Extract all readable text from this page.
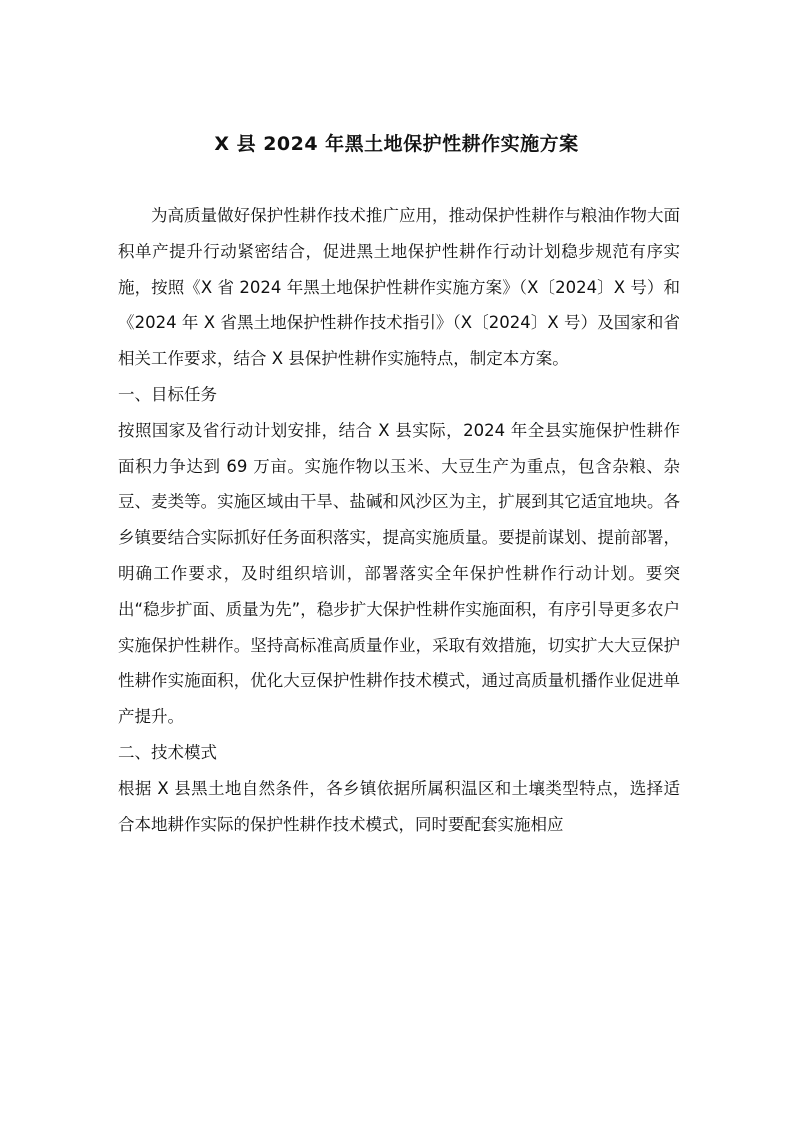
X 县 2024 年黑土地保护性耕作实施方案

为高质量做好保护性耕作技术推广应用，推动保护性耕作与粮油作物大面积单产提升行动紧密结合，促进黑土地保护性耕作行动计划稳步规范有序实施，按照《X 省 2024 年黑土地保护性耕作实施方案》（X〔2024〕X 号）和《2024 年 X 省黑土地保护性耕作技术指引》（X〔2024〕X 号）及国家和省相关工作要求，结合 X 县保护性耕作实施特点，制定本方案。

一、目标任务

按照国家及省行动计划安排，结合 X 县实际，2024 年全县实施保护性耕作面积力争达到 69 万亩。实施作物以玉米、大豆生产为重点，包含杂粮、杂豆、麦类等。实施区域由干旱、盐碱和风沙区为主，扩展到其它适宜地块。各乡镇要结合实际抓好任务面积落实，提高实施质量。要提前谋划、提前部署，明确工作要求，及时组织培训，部署落实全年保护性耕作行动计划。要突出“稳步扩面、质量为先”，稳步扩大保护性耕作实施面积，有序引导更多农户实施保护性耕作。坚持高标准高质量作业，采取有效措施，切实扩大大豆保护性耕作实施面积，优化大豆保护性耕作技术模式，通过高质量机播作业促进单产提升。

二、技术模式

根据 X 县黑土地自然条件，各乡镇依据所属积温区和土壤类型特点，选择适合本地耕作实际的保护性耕作技术模式，同时要配套实施相应
